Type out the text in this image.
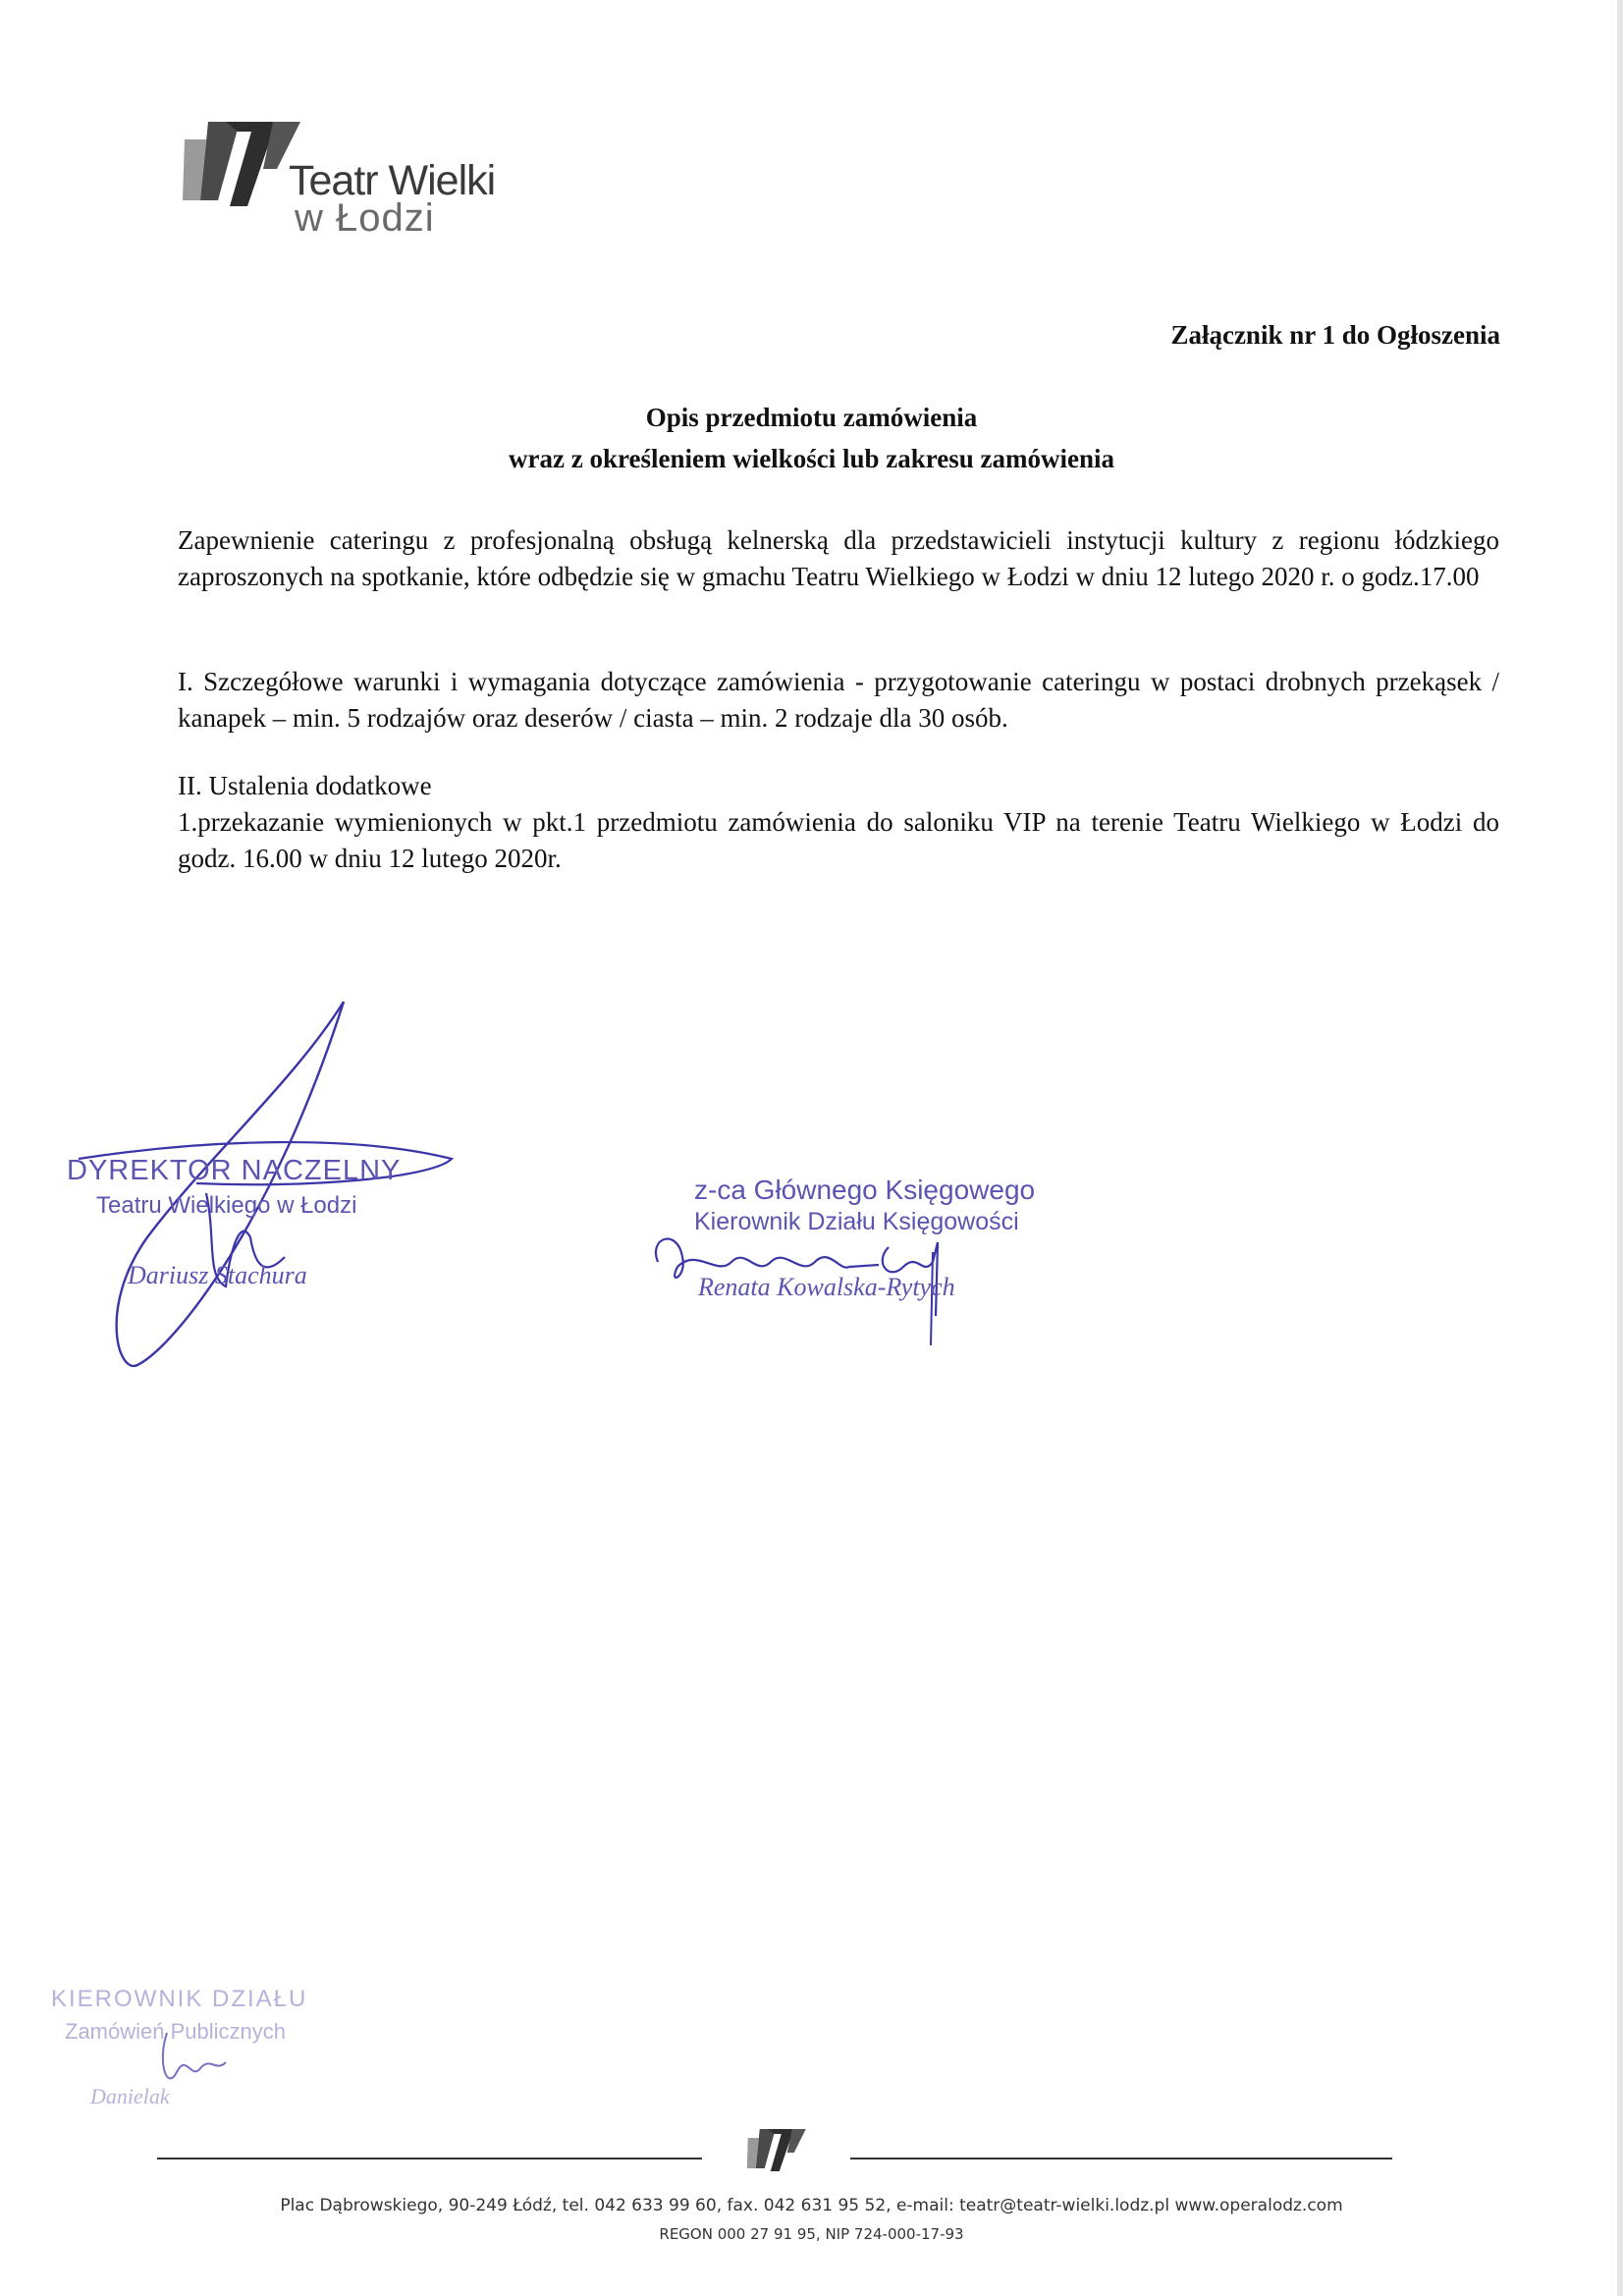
Teatr Wielki
w Łodzi
Załącznik nr 1 do Ogłoszenia
Opis przedmiotu zamówienia
wraz z określeniem wielkości lub zakresu zamówienia

Zapewnienie cateringu z profesjonalną obsługą kelnerską dla przedstawicieli instytucji kultury z regionu łódzkiego zaproszonych na spotkanie, które odbędzie się w gmachu Teatru Wielkiego w Łodzi w dniu 12 lutego 2020 r. o godz.17.00

I. Szczegółowe warunki i wymagania dotyczące zamówienia - przygotowanie cateringu w postaci drobnych przekąsek / kanapek – min. 5 rodzajów oraz deserów / ciasta – min. 2 rodzaje dla 30 osób.

II. Ustalenia dodatkowe

1.przekazanie wymienionych w pkt.1 przedmiotu zamówienia do saloniku VIP na terenie Teatru Wielkiego w Łodzi do godz. 16.00 w dniu 12 lutego 2020r.

DYREKTOR NACZELNY
Teatru Wielkiego w Łodzi
Dariusz Stachura
z-ca Głównego Księgowego
Kierownik Działu Księgowości
Renata Kowalska-Rytych
KIEROWNIK DZIAŁU
Zamówień Publicznych
Danielak
Plac Dąbrowskiego, 90-249 Łódź, tel. 042 633 99 60, fax. 042 631 95 52, e-mail: teatr@teatr-wielki.lodz.pl www.operalodz.com
REGON 000 27 91 95, NIP 724-000-17-93
